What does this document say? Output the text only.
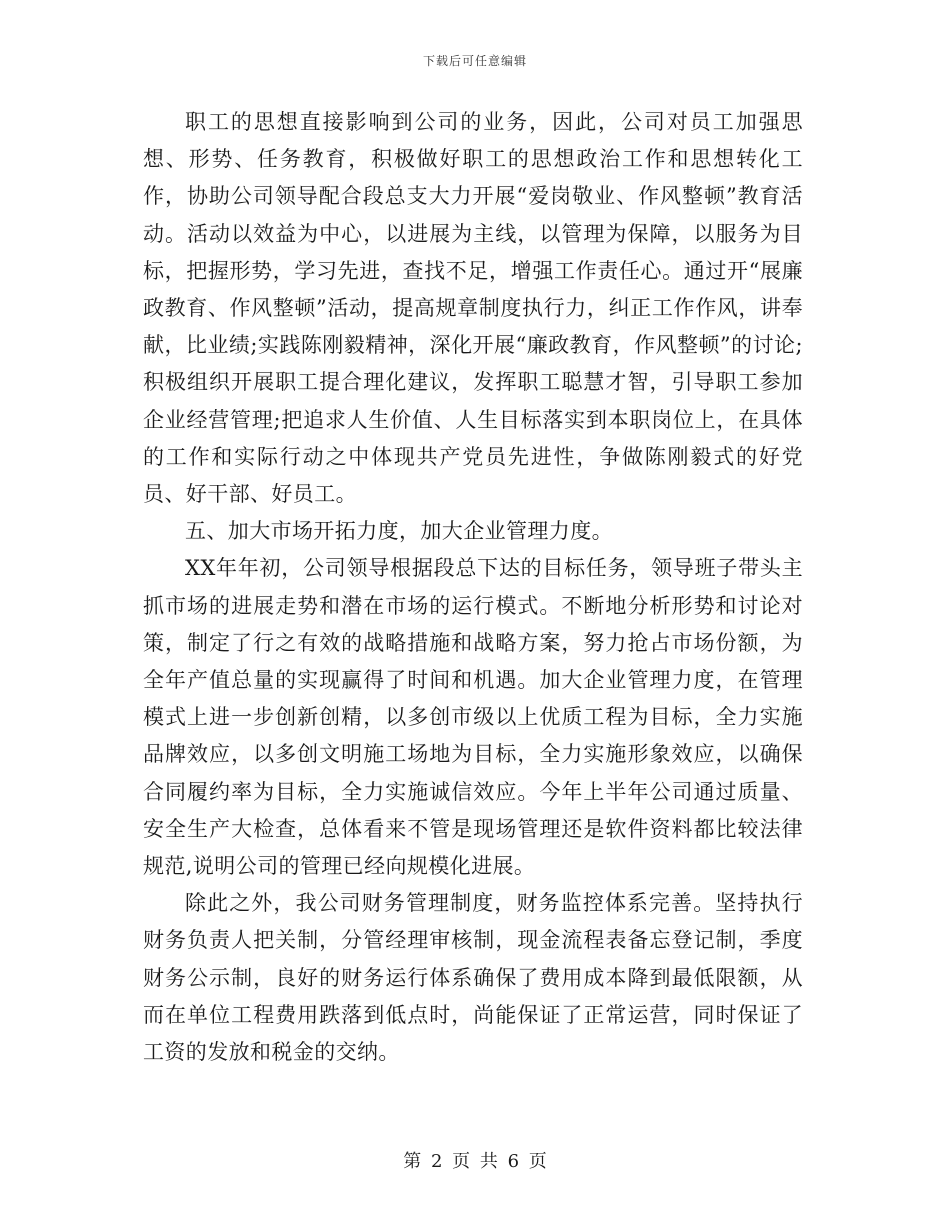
下载后可任意编辑

职工的思想直接影响到公司的业务，因此，公司对员工加强思想、形势、任务教育，积极做好职工的思想政治工作和思想转化工作，协助公司领导配合段总支大力开展“爱岗敬业、作风整顿”教育活动。活动以效益为中心，以进展为主线，以管理为保障，以服务为目标，把握形势，学习先进，查找不足，增强工作责任心。通过开“展廉政教育、作风整顿”活动，提高规章制度执行力，纠正工作作风，讲奉献，比业绩;实践陈刚毅精神，深化开展“廉政教育，作风整顿”的讨论;积极组织开展职工提合理化建议，发挥职工聪慧才智，引导职工参加企业经营管理;把追求人生价值、人生目标落实到本职岗位上，在具体的工作和实际行动之中体现共产党员先进性，争做陈刚毅式的好党员、好干部、好员工。

五、加大市场开拓力度，加大企业管理力度。

XX年年初，公司领导根据段总下达的目标任务，领导班子带头主抓市场的进展走势和潜在市场的运行模式。不断地分析形势和讨论对策，制定了行之有效的战略措施和战略方案，努力抢占市场份额，为全年产值总量的实现赢得了时间和机遇。加大企业管理力度，在管理模式上进一步创新创精，以多创市级以上优质工程为目标，全力实施品牌效应，以多创文明施工场地为目标，全力实施形象效应，以确保合同履约率为目标，全力实施诚信效应。今年上半年公司通过质量、安全生产大检查，总体看来不管是现场管理还是软件资料都比较法律规范,说明公司的管理已经向规模化进展。

除此之外，我公司财务管理制度，财务监控体系完善。坚持执行财务负责人把关制，分管经理审核制，现金流程表备忘登记制，季度财务公示制，良好的财务运行体系确保了费用成本降到最低限额，从而在单位工程费用跌落到低点时，尚能保证了正常运营，同时保证了工资的发放和税金的交纳。

第 2 页 共 6 页
